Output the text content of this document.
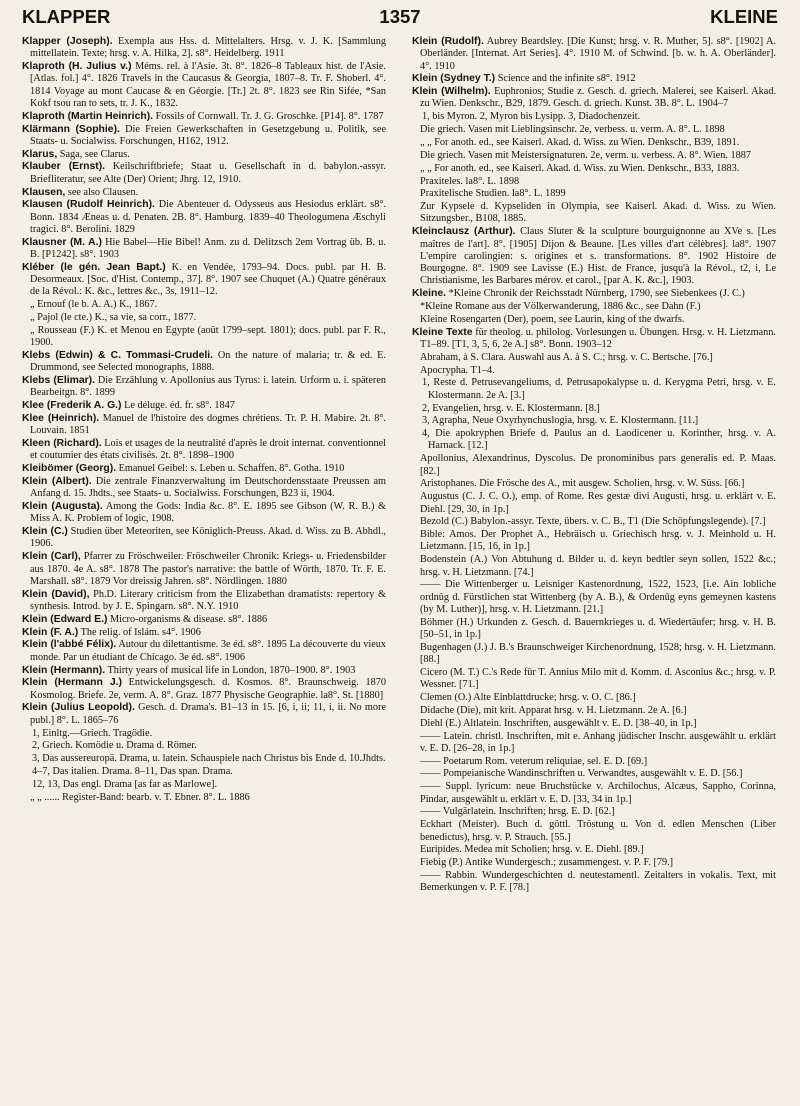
KLAPPER	1357	KLEINE

Klapper (Joseph). Exempla aus Hss. d. Mittelalters. Hrsg. v. J. K. [Sammlung mittellatein. Texte; hrsg. v. A. Hilka, 2]. s8°. Heidelberg. 1911

Klaproth (H. Julius v.) Méms. rel. à l'Asie. 3t. 8°. 1826–8 Tableaux hist. de l'Asie. [Atlas. fol.] 4°. 1826 Travels in the Caucasus & Georgia, 1807–8. Tr. F. Shoberl. 4°. 1814 Voyage au mont Caucase & en Géorgie. [Tr.] 2t. 8°. 1823 see Rin Sifée, *San Kokf tsou ran to sets, tr. J. K., 1832.

Klaproth (Martin Heinrich). Fossils of Cornwall. Tr. J. G. Groschke. [P14]. 8°. 1787

Klärmann (Sophie). Die Freien Gewerkschaften in Gesetzgebung u. Politik, see Staats- u. Socialwiss. Forschungen, H162, 1912.

Klarus, Saga, see Clarus.

Klauber (Ernst). Keilschriftbriefe; Staat u. Gesellschaft in d. babylon.-assyr. Briefliteratur, see Alte (Der) Orient; Jhrg. 12, 1910.

Klausen, see also Clausen.

Klausen (Rudolf Heinrich). Die Abenteuer d. Odysseus aus Hesiodus erklärt. s8°. Bonn. 1834 Æneas u. d. Penaten. 2B. 8°. Hamburg. 1839–40 Theologumena Æschyli tragici. 8°. Berolini. 1829

Klausner (M. A.) Hie Babel—Hie Bibel! Anm. zu d. Delitzsch 2em Vortrag üb. B. u. B. [P1242]. s8°. 1903

Kléber (le gén. Jean Bapt.) K. en Vendée, 1793–94. Docs. publ. par H. B. Desormeaux. [Soc. d'Hist. Contemp., 37]. 8°. 1907 see Chuquet (A.) Quatre généraux de la Révol.: K. &c., lettres &c., 3s, 1911–12.

„ Ernouf (le b. A. A.) K., 1867.

„ Pajol (le cte.) K., sa vie, sa corr., 1877.

„ Rousseau (F.) K. et Menou en Egypte (août 1799–sept. 1801); docs. publ. par F. R., 1900.

Klebs (Edwin) & C. Tommasi-Crudeli. On the nature of malaria; tr. & ed. E. Drummond, see Selected monographs, 1888.

Klebs (Elimar). Die Erzählung v. Apollonius aus Tyrus: i. latein. Urform u. i. späteren Bearbeitgn. 8°. 1899

Klee (Frederik A. G.) Le déluge. éd. fr. s8°. 1847

Klee (Heinrich). Manuel de l'histoire des dogmes chrétiens. Tr. P. H. Mabire. 2t. 8°. Louvain. 1851

Kleen (Richard). Lois et usages de la neutralité d'après le droit internat. conventionnel et coutumier des états civilisés. 2t. 8°. 1898–1900

Kleibömer (Georg). Emanuel Geibel: s. Leben u. Schaffen. 8°. Gotha. 1910

Klein (Albert). Die zentrale Finanzverwaltung im Deutschordensstaate Preussen am Anfang d. 15. Jhdts., see Staats- u. Socialwiss. Forschungen, B23 ii, 1904.

Klein (Augusta). Among the Gods: India &c. 8°. E. 1895 see Gibson (W. R. B.) & Miss A. K. Problem of logic, 1908.

Klein (C.) Studien über Meteoriten, see Königlich-Preuss. Akad. d. Wiss. zu B. Abhdl., 1906.

Klein (Carl), Pfarrer zu Fröschweiler. Fröschweiler Chronik: Kriegs- u. Friedensbilder aus 1870. 4e A. s8°. 1878 The pastor's narrative: the battle of Wörth, 1870. Tr. F. E. Marshall. s8°. 1879 Vor dreissig Jahren. s8°. Nördlingen. 1880

Klein (David), Ph.D. Literary criticism from the Elizabethan dramatists: repertory & synthesis. Introd. by J. E. Spingarn. s8°. N.Y. 1910

Klein (Edward E.) Micro-organisms & disease. s8°. 1886

Klein (F. A.) The relig. of Islám. s4°. 1906

Klein (l'abbé Félix). Autour du dilettantisme. 3e éd. s8°. 1895 La découverte du vieux monde. Par un étudiant de Chicago. 3e éd. s8°. 1906

Klein (Hermann). Thirty years of musical life in London, 1870–1900. 8°. 1903

Klein (Hermann J.) Entwickelungsgesch. d. Kosmos. 8°. Braunschweig. 1870 Kosmolog. Briefe. 2e, verm. A. 8°. Graz. 1877 Physische Geographie. la8°. St. [1880]

Klein (Julius Leopold). Gesch. d. Drama's. B1–13 in 15. [6, i, ii; 11, i, ii. No more publ.] 8°. L. 1865–76

1, Einltg.—Griech. Tragödie.

2, Griech. Komödie u. Drama d. Römer.

3, Das aussereuropä. Drama, u. latein. Schauspiele nach Christus bis Ende d. 10.Jhdts.

4–7, Das italien. Drama. 8–11, Das span. Drama.

12, 13, Das engl. Drama [as far as Marlowe].

„ „ ...... Register-Band: bearb. v. T. Ebner. 8°. L. 1886

Klein (Rudolf). Aubrey Beardsley. [Die Kunst; hrsg. v. R. Muther, 5]. s8°. [1902] A. Oberländer. [Internat. Art Series]. 4°. 1910 M. of Schwind. [b. w. h. A. Oberländer]. 4°. 1910

Klein (Sydney T.) Science and the infinite s8°. 1912

Klein (Wilhelm). Euphronios; Studie z. Gesch. d. griech. Malerei, see Kaiserl. Akad. zu Wien. Denkschr., B29, 1879. Gesch. d. griech. Kunst. 3B. 8°. L. 1904–7

1, bis Myron. 2, Myron bis Lysipp. 3, Diadochenzeit.

Die griech. Vasen mit Lieblingsinschr. 2e, verbess. u. verm. A. 8°. L. 1898

„ „ For anoth. ed., see Kaiserl. Akad. d. Wiss. zu Wien. Denkschr., B39, 1891.

Die griech. Vasen mit Meistersignaturen. 2e, verm. u. verbess. A. 8°. Wien. 1887

„ „ For anoth. ed., see Kaiserl. Akad. d. Wiss. zu Wien. Denkschr., B33, 1883.

Praxiteles. la8°. L. 1898

Praxitelische Studien. la8°. L. 1899

Zur Kypsele d. Kypseliden in Olympia, see Kaiserl. Akad. d. Wiss. zu Wien. Sitzungsber., B108, 1885.

Kleinclausz (Arthur). Claus Sluter & la sculpture bourguignonne au XVe s. [Les maîtres de l'art]. 8°. [1905] Dijon & Beaune. [Les villes d'art célèbres]. la8°. 1907 L'empire carolingien: s. origines et s. transformations. 8°. 1902 Histoire de Bourgogne. 8°. 1909 see Lavisse (E.) Hist. de France, jusqu'à la Révol., t2, i, Le Christianisme, les Barbares mérov. et carol., [par A. K. &c.], 1903.

Kleine. *Kleine Chronik der Reichsstadt Nürnberg, 1790, see Siebenkees (J. C.)

*Kleine Romane aus der Völkerwanderung, 1886 &c., see Dahn (F.)

Kleine Rosengarten (Der), poem, see Laurin, king of the dwarfs.

Kleine Texte für theolog. u. philolog. Vorlesungen u. Übungen. Hrsg. v. H. Lietzmann. T1–89. [T1, 3, 5, 6, 2e A.] s8°. Bonn. 1903–12

Abraham, à S. Clara. Auswahl aus A. à S. C.; hrsg. v. C. Bertsche. [76.]

Apocrypha. T1–4.

1, Reste d. Petrusevangeliums, d. Petrusapokalypse u. d. Kerygma Petri, hrsg. v. E. Klostermann. 2e A. [3.]

2, Evangelien, hrsg. v. E. Klostermann. [8.]

3, Agrapha, Neue Oxyrhynchuslogia, hrsg. v. E. Klostermann. [11.]

4, Die apokryphen Briefe d. Paulus an d. Laodicener u. Korinther, hrsg. v. A. Harnack. [12.]

Apollonius, Alexandrinus, Dyscolus. De pronominibus pars generalis ed. P. Maas. [82.]

Aristophanes. Die Frösche des A., mit ausgew. Scholien, hrsg. v. W. Süss. [66.]

Augustus (C. J. C. O.), emp. of Rome. Res gestæ divi Augusti, hrsg. u. erklärt v. E. Diehl. [29, 30, in 1p.]

Bezold (C.) Babylon.-assyr. Texte, übers. v. C. B., T1 (Die Schöpfungslegende). [7.]

Bible: Amos. Der Prophet A., Hebräisch u. Griechisch hrsg. v. J. Meinhold u. H. Lietzmann. [15, 16, in 1p.]

Bodenstein (A.) Von Abtuhung d. Bilder u. d. keyn bedtler seyn sollen, 1522 &c.; hrsg. v. H. Lietzmann. [74.]

—— Die Wittenberger u. Leisniger Kastenordnung, 1522, 1523, [i.e. Ain lobliche ordnūg d. Fürstlichen stat Wittenberg (by A. B.), & Ordenūg eyns gemeynen kastens (by M. Luther)], hrsg. v. H. Lietzmann. [21.]

Böhmer (H.) Urkunden z. Gesch. d. Bauernkrieges u. d. Wiedertäufer; hrsg. v. H. B. [50–51, in 1p.]

Bugenhagen (J.) J. B.'s Braunschweiger Kirchenordnung, 1528; hrsg. v. H. Lietzmann. [88.]

Cicero (M. T.) C.'s Rede für T. Annius Milo mit d. Komm. d. Asconius &c.; hrsg. v. P. Wessner. [71.]

Clemen (O.) Alte Einblattdrucke; hrsg. v. O. C. [86.]

Didache (Die), mit krit. Apparat hrsg. v. H. Lietzmann. 2e A. [6.]

Diehl (E.) Altlatein. Inschriften, ausgewählt v. E. D. [38–40, in 1p.]

—— Latein. christl. Inschriften, mit e. Anhang jüdischer Inschr. ausgewählt u. erklärt v. E. D. [26–28, in 1p.]

—— Poetarum Rom. veterum reliquiae, sel. E. D. [69.]

—— Pompeianische Wandinschriften u. Verwandtes, ausgewählt v. E. D. [56.]

—— Suppl. lyricum: neue Bruchstücke v. Archilochus, Alcæus, Sappho, Corinna, Pindar, ausgewählt u. erklärt v. E. D. [33, 34 in 1p.]

—— Vulgärlatein. Inschriften; hrsg. E. D. [62.]

Eckhart (Meister). Buch d. göttl. Tröstung u. Von d. edlen Menschen (Liber benedictus), hrsg. v. P. Strauch. [55.]

Euripides. Medea mit Scholien; hrsg. v. E. Diehl. [89.]

Fiebig (P.) Antike Wundergesch.; zusammengest. v. P. F. [79.]

—— Rabbin. Wundergeschichten d. neutestamentl. Zeitalters in vokalis. Text, mit Bemerkungen v. P. F. [78.]
